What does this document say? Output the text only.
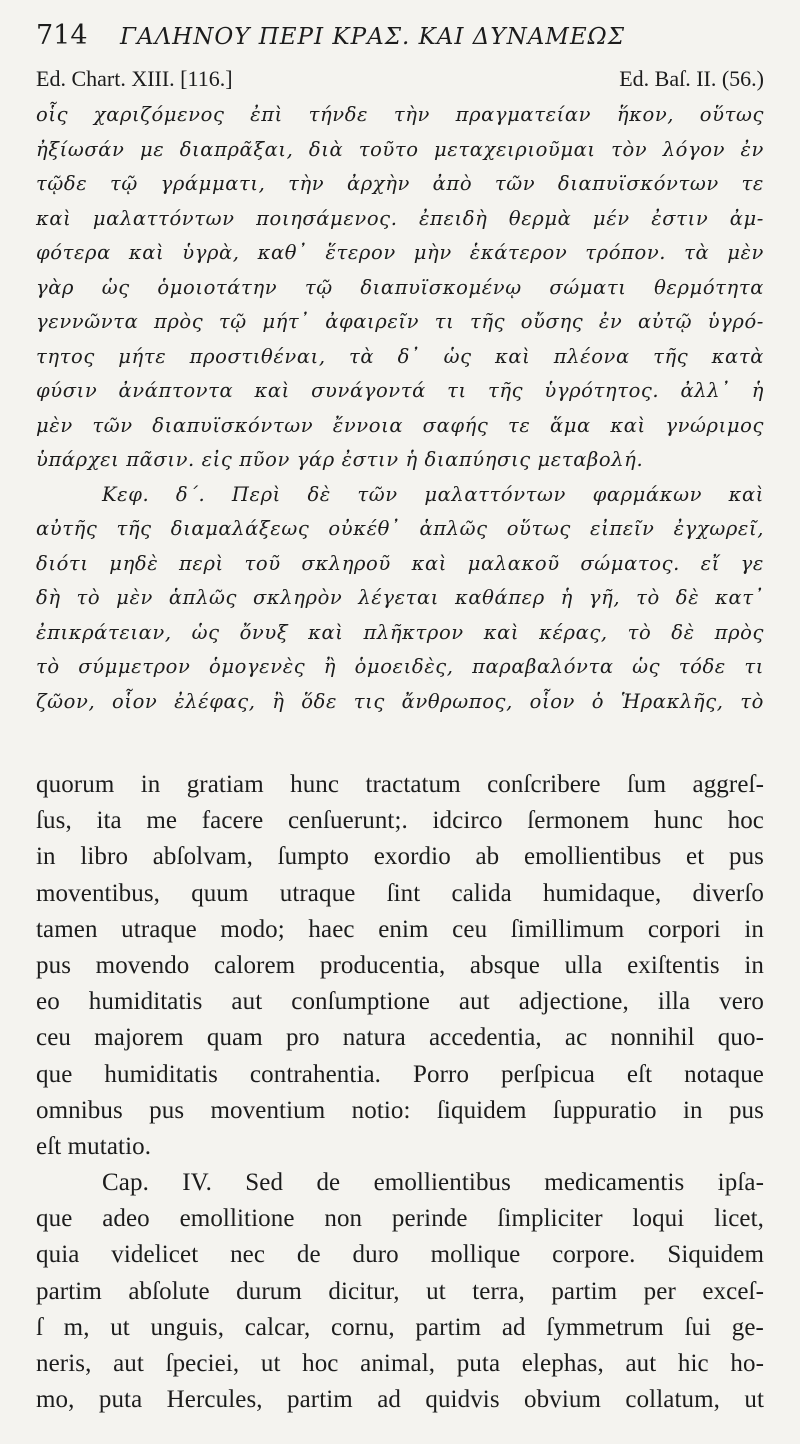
714	ΓΑΛΗΝΟΥ ΠΕΡΙ ΚΡΑΣ. ΚΑΙ ΔΥΝΑΜΕΩΣ
Ed. Chart. XIII. [116.]	Ed. Baſ. II. (56.)
οἷς χαριζόμενος ἐπὶ τήνδε τὴν πραγματείαν ἥκον, οὕτως
ἠξίωσάν με διαπρᾶξαι, διὰ τοῦτο μεταχειριοῦμαι τὸν λόγον ἐν
τῷδε τῷ γράμματι, τὴν ἀρχὴν ἀπὸ τῶν διαπυϊσκόντων τε
καὶ μαλαττόντων ποιησάμενος. ἐπειδὴ θερμὰ μέν ἐστιν ἀμ-
φότερα καὶ ὑγρὰ, καθ᾿ ἕτερον μὴν ἑκάτερον τρόπον. τὰ μὲν
γὰρ ὡς ὁμοιοτάτην τῷ διαπυϊσκομένῳ σώματι θερμότητα
γεννῶντα πρὸς τῷ μήτ᾿ ἀφαιρεῖν τι τῆς οὔσης ἐν αὐτῷ ὑγρό-
τητος μήτε προστιθέναι, τὰ δ᾿ ὡς καὶ πλέονα τῆς κατὰ
φύσιν ἀνάπτοντα καὶ συνάγοντά τι τῆς ὑγρότητος. ἀλλ᾿ ἡ
μὲν τῶν διαπυϊσκόντων ἔννοια σαφής τε ἅμα καὶ γνώριμος
ὑπάρχει πᾶσιν. εἰς πῦον γάρ ἐστιν ἡ διαπύησις μεταβολή.
Κεφ. δ΄. Περὶ δὲ τῶν μαλαττόντων φαρμάκων καὶ
αὐτῆς τῆς διαμαλάξεως οὐκέθ᾿ ἁπλῶς οὕτως εἰπεῖν ἐγχωρεῖ,
διότι μηδὲ περὶ τοῦ σκληροῦ καὶ μαλακοῦ σώματος. εἴ γε
δὴ τὸ μὲν ἁπλῶς σκληρὸν λέγεται καθάπερ ἡ γῆ, τὸ δὲ κατ᾿
ἐπικράτειαν, ὡς ὄνυξ καὶ πλῆκτρον καὶ κέρας, τὸ δὲ πρὸς
τὸ σύμμετρον ὁμογενὲς ἢ ὁμοειδὲς, παραβαλόντα ὡς τόδε τι
ζῶον, οἷον ἐλέφας, ἢ ὅδε τις ἄνθρωπος, οἷον ὁ Ἡρακλῆς, τὸ
quorum in gratiam hunc tractatum conſcribere ſum aggreſ-
ſus, ita me facere cenſuerunt;. idcirco ſermonem hunc hoc
in libro abſolvam, ſumpto exordio ab emollientibus et pus
moventibus, quum utraque ſint calida humidaque, diverſo
tamen utraque modo; haec enim ceu ſimillimum corpori in
pus movendo calorem producentia, absque ulla exiſtentis in
eo humiditatis aut conſumptione aut adjectione, illa vero
ceu majorem quam pro natura accedentia, ac nonnihil quo-
que humiditatis contrahentia. Porro perſpicua eſt notaque
omnibus pus moventium notio: ſiquidem ſuppuratio in pus
eſt mutatio.
Cap. IV. Sed de emollientibus medicamentis ipſa-
que adeo emollitione non perinde ſimpliciter loqui licet,
quia videlicet nec de duro mollique corpore. Siquidem
partim abſolute durum dicitur, ut terra, partim per exceſ-
ſ m, ut unguis, calcar, cornu, partim ad ſymmetrum ſui ge-
neris, aut ſpeciei, ut hoc animal, puta elephas, aut hic ho-
mo, puta Hercules, partim ad quidvis obvium collatum, ut
